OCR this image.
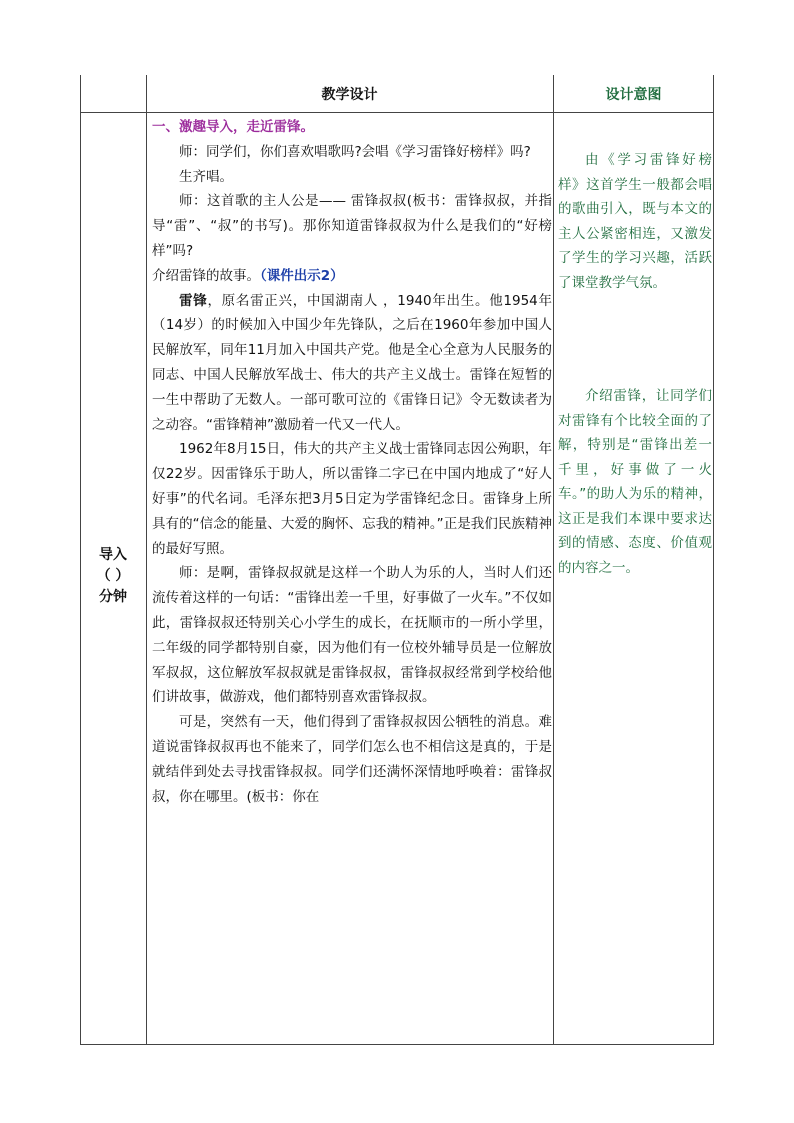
教学设计	设计意图
导入
（ ）
分钟

一、激趣导入，走近雷锋。

师：同学们，你们喜欢唱歌吗?会唱《学习雷锋好榜样》吗?

生齐唱。

师：这首歌的主人公是—— 雷锋叔叔(板书：雷锋叔叔，并指导“雷”、“叔”的书写)。那你知道雷锋叔叔为什么是我们的“好榜样”吗?

介绍雷锋的故事。（课件出示2）

雷锋，原名雷正兴，中国湖南人 ，1940年出生。他1954年（14岁）的时候加入中国少年先锋队，之后在1960年参加中国人民解放军，同年11月加入中国共产党。他是全心全意为人民服务的同志、中国人民解放军战士、伟大的共产主义战士。雷锋在短暂的一生中帮助了无数人。一部可歌可泣的《雷锋日记》令无数读者为之动容。“雷锋精神”激励着一代又一代人。

1962年8月15日，伟大的共产主义战士雷锋同志因公殉职，年仅22岁。因雷锋乐于助人，所以雷锋二字已在中国内地成了“好人好事”的代名词。毛泽东把3月5日定为学雷锋纪念日。雷锋身上所具有的“信念的能量、大爱的胸怀、忘我的精神。”正是我们民族精神的最好写照。

师：是啊，雷锋叔叔就是这样一个助人为乐的人，当时人们还流传着这样的一句话：“雷锋出差一千里，好事做了一火车。”不仅如此，雷锋叔叔还特别关心小学生的成长，在抚顺市的一所小学里，二年级的同学都特别自豪，因为他们有一位校外辅导员是一位解放军叔叔，这位解放军叔叔就是雷锋叔叔，雷锋叔叔经常到学校给他们讲故事，做游戏，他们都特别喜欢雷锋叔叔。

可是，突然有一天，他们得到了雷锋叔叔因公牺牲的消息。难道说雷锋叔叔再也不能来了，同学们怎么也不相信这是真的，于是就结伴到处去寻找雷锋叔叔。同学们还满怀深情地呼唤着：雷锋叔叔，你在哪里。(板书：你在

由《学习雷锋好榜样》这首学生一般都会唱的歌曲引入，既与本文的主人公紧密相连，又激发了学生的学习兴趣，活跃了课堂教学气氛。

介绍雷锋，让同学们对雷锋有个比较全面的了解，特别是“雷锋出差一千里，好事做了一火车。”的助人为乐的精神，这正是我们本课中要求达到的情感、态度、价值观的内容之一。
